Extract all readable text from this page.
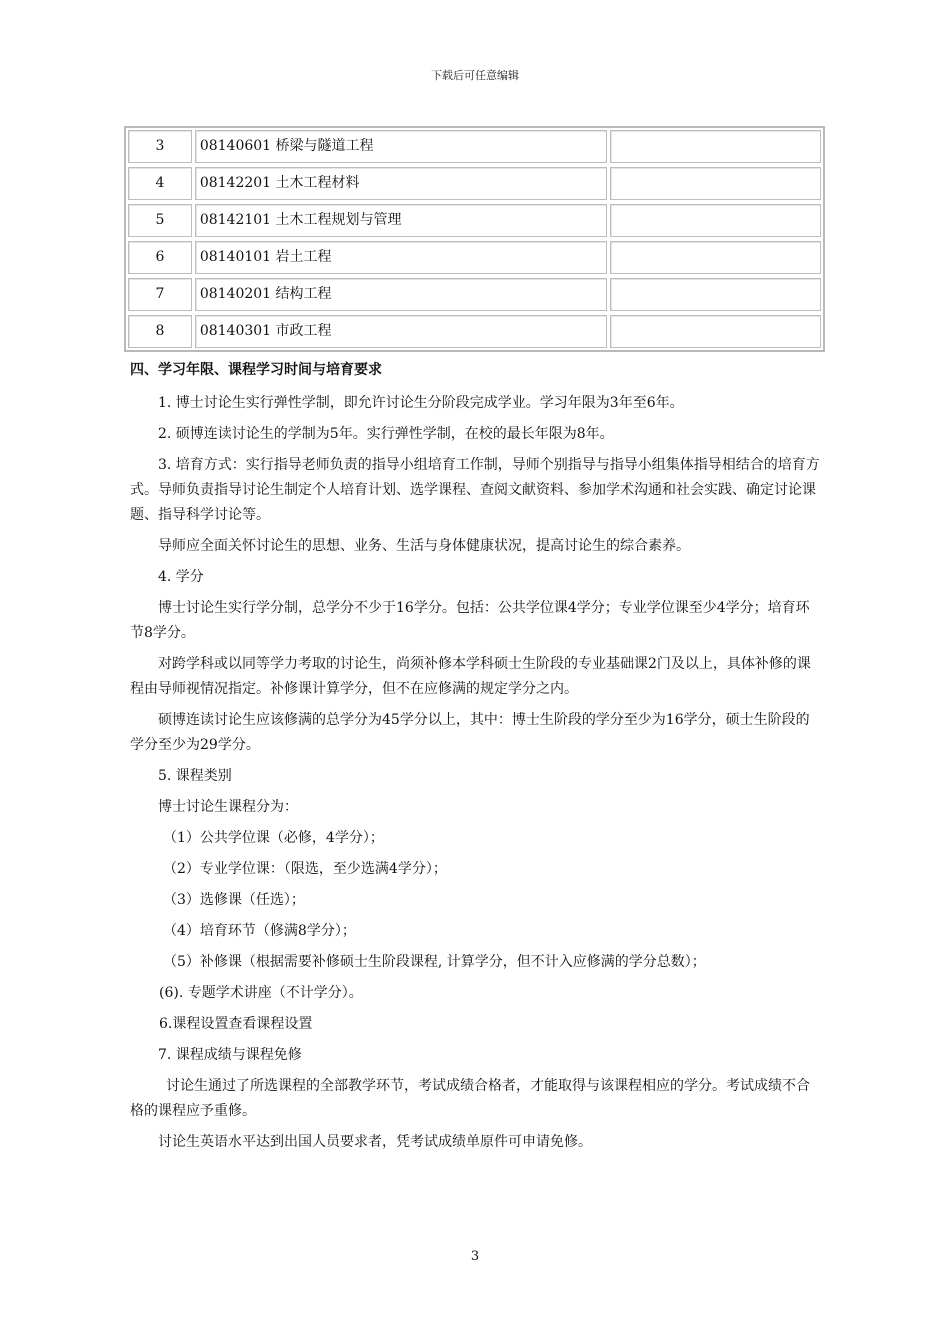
下载后可任意编辑
3	08140601 桥梁与隧道工程
4	08142201 土木工程材料
5	08142101 土木工程规划与管理
6	08140101 岩土工程
7	08140201 结构工程
8	08140301 市政工程

四、学习年限、课程学习时间与培育要求

1. 博士讨论生实行弹性学制，即允许讨论生分阶段完成学业。学习年限为3年至6年。

2. 硕博连读讨论生的学制为5年。实行弹性学制，在校的最长年限为8年。

3. 培育方式：实行指导老师负责的指导小组培育工作制，导师个别指导与指导小组集体指导相结合的培育方式。导师负责指导讨论生制定个人培育计划、选学课程、查阅文献资料、参加学术沟通和社会实践、确定讨论课题、指导科学讨论等。

导师应全面关怀讨论生的思想、业务、生活与身体健康状况，提高讨论生的综合素养。

4. 学分

博士讨论生实行学分制，总学分不少于16学分。包括：公共学位课4学分；专业学位课至少4学分；培育环节8学分。

对跨学科或以同等学力考取的讨论生，尚须补修本学科硕士生阶段的专业基础课2门及以上，具体补修的课程由导师视情况指定。补修课计算学分，但不在应修满的规定学分之内。

硕博连读讨论生应该修满的总学分为45学分以上，其中：博士生阶段的学分至少为16学分，硕士生阶段的学分至少为29学分。

5. 课程类别

博士讨论生课程分为：

（1）公共学位课（必修，4学分）；

（2）专业学位课：（限选，至少选满4学分）；

（3）选修课（任选）；

（4）培育环节（修满8学分）；

（5）补修课（根据需要补修硕士生阶段课程, 计算学分，但不计入应修满的学分总数）；

(6). 专题学术讲座（不计学分）。

6.课程设置查看课程设置

7. 课程成绩与课程免修

讨论生通过了所选课程的全部教学环节，考试成绩合格者，才能取得与该课程相应的学分。考试成绩不合格的课程应予重修。

讨论生英语水平达到出国人员要求者，凭考试成绩单原件可申请免修。

3
